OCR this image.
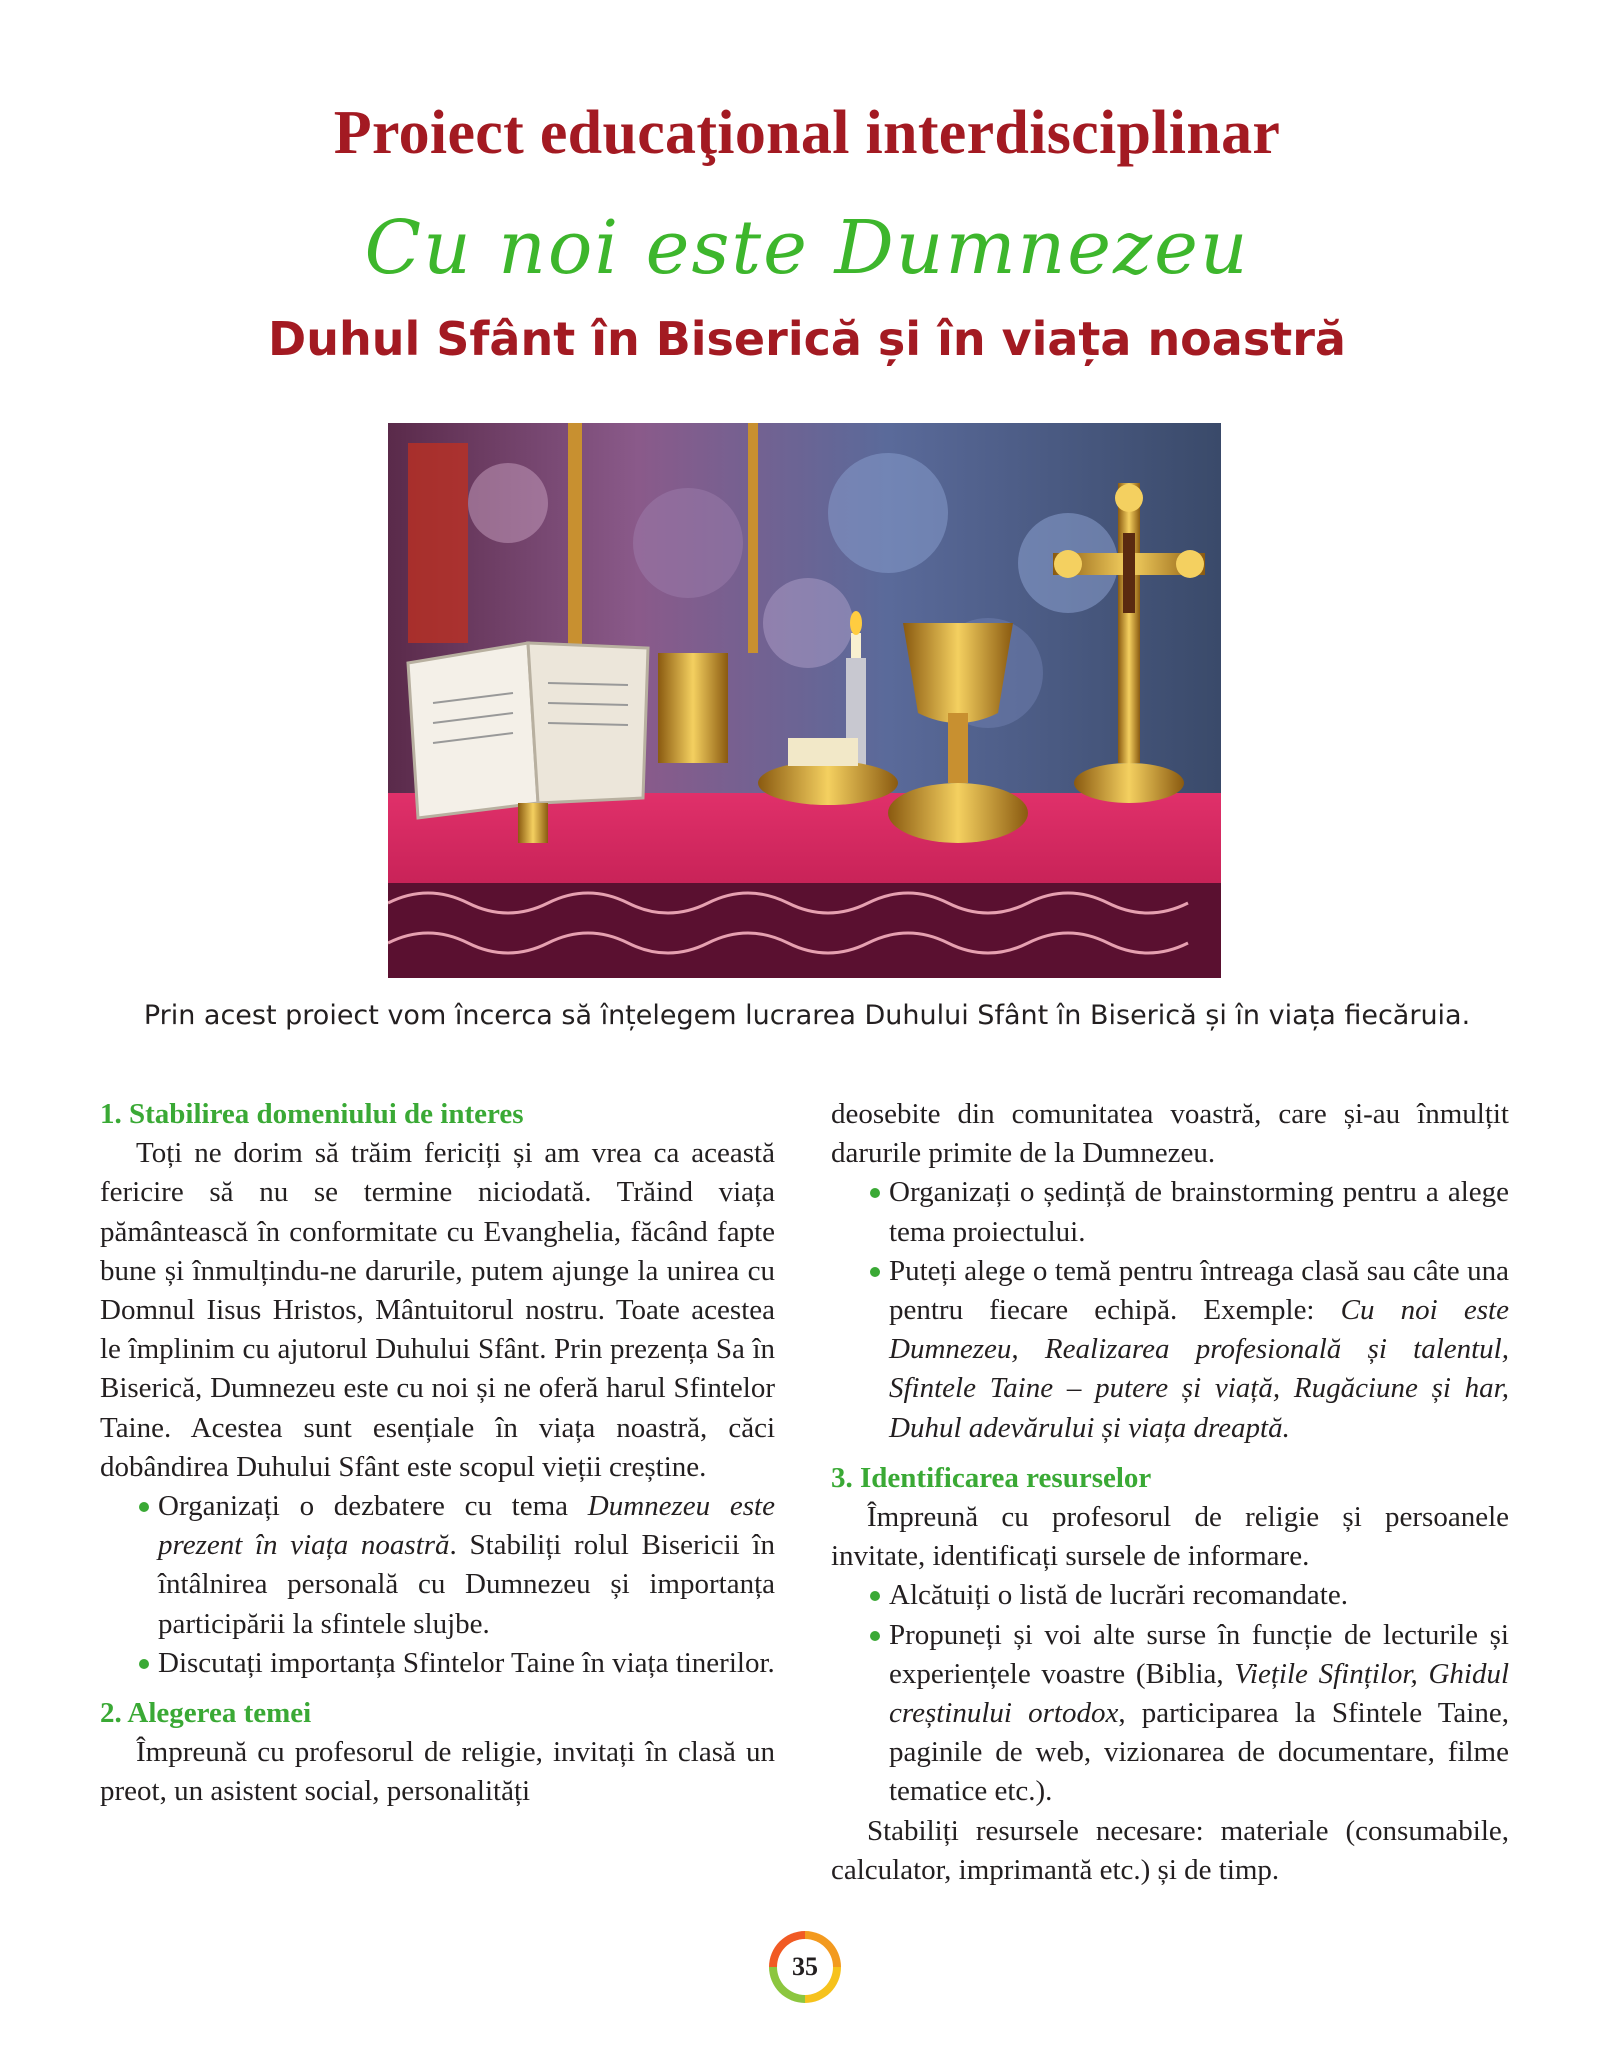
Proiect educaţional interdisciplinar
Cu noi este Dumnezeu
Duhul Sfânt în Biserică și în viața noastră
Prin acest proiect vom încerca să înțelegem lucrarea Duhului Sfânt în Biserică și în viața fiecăruia.

1. Stabilirea domeniului de interes

Toți ne dorim să trăim fericiți și am vrea ca această fericire să nu se termine niciodată. Trăind viața pământească în conformitate cu Evanghelia, făcând fapte bune și înmulțindu-ne darurile, putem ajunge la unirea cu Domnul Iisus Hristos, Mântuitorul nostru. Toate acestea le împlinim cu ajutorul Duhului Sfânt. Prin prezența Sa în Biserică, Dumnezeu este cu noi și ne oferă harul Sfintelor Taine. Acestea sunt esențiale în viața noastră, căci dobândirea Duhului Sfânt este scopul vieții creștine.

Organizați o dezbatere cu tema Dumnezeu este prezent în viața noastră. Stabiliți rolul Bisericii în întâlnirea personală cu Dumnezeu și importanța participării la sfintele slujbe.

Discutați importanța Sfintelor Taine în viața tinerilor.

2. Alegerea temei

Împreună cu profesorul de religie, invitați în clasă un preot, un asistent social, personalități

deosebite din comunitatea voastră, care și-au înmulțit darurile primite de la Dumnezeu.

Organizați o ședință de brainstorming pentru a alege tema proiectului.

Puteți alege o temă pentru întreaga clasă sau câte una pentru fiecare echipă. Exemple: Cu noi este Dumnezeu, Realizarea profesională și talentul, Sfintele Taine – putere și viață, Rugăciune și har, Duhul adevărului și viața dreaptă.

3. Identificarea resurselor

Împreună cu profesorul de religie și persoanele invitate, identificați sursele de informare.

Alcătuiți o listă de lucrări recomandate.

Propuneți și voi alte surse în funcție de lecturile și experiențele voastre (Biblia, Viețile Sfinților, Ghidul creștinului ortodox, participarea la Sfintele Taine, paginile de web, vizionarea de documentare, filme tematice etc.).

Stabiliți resursele necesare: materiale (consumabile, calculator, imprimantă etc.) și de timp.

35
